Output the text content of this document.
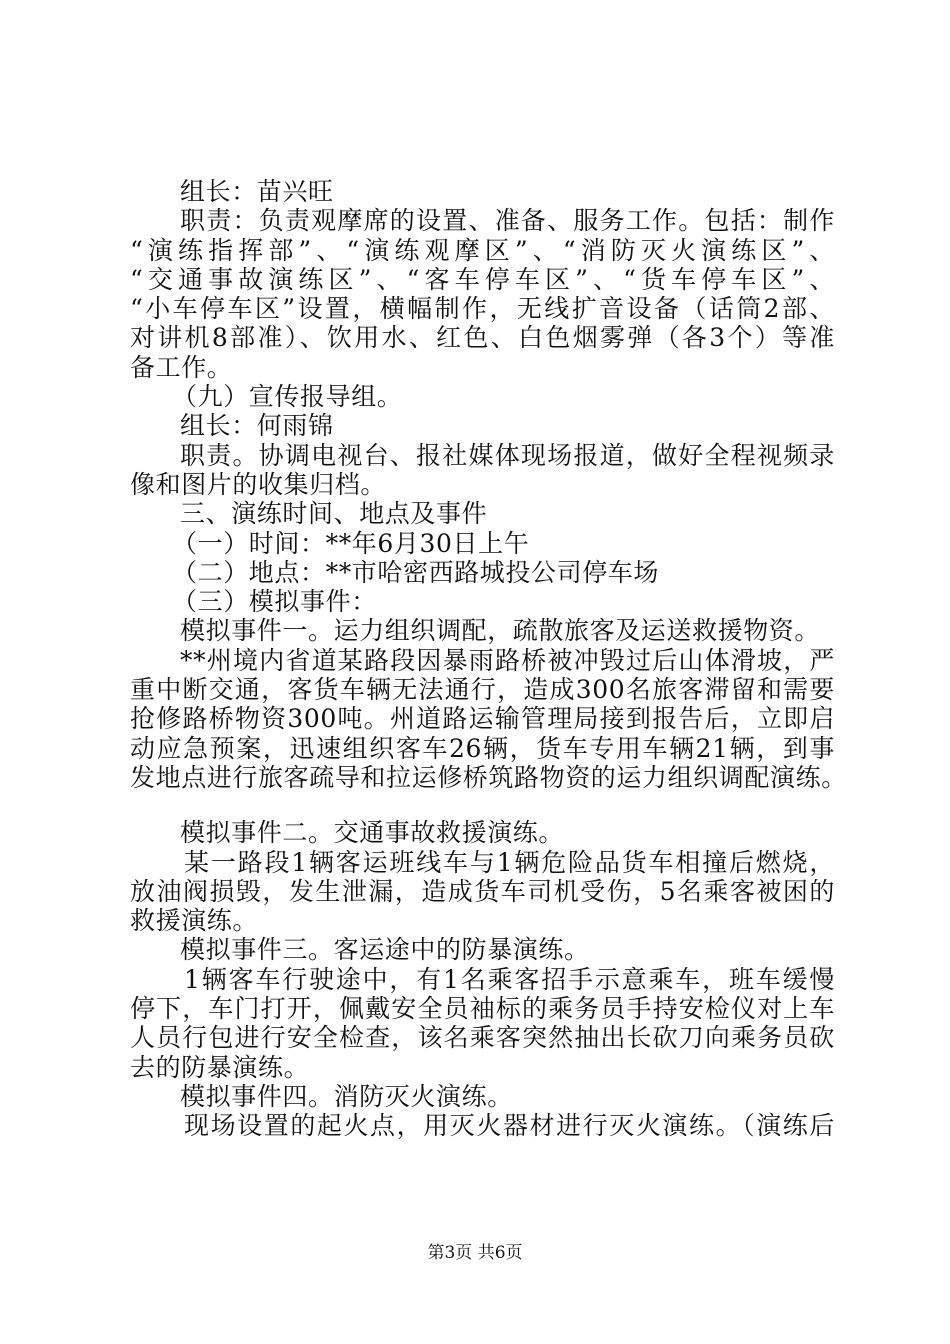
组长：苗兴旺
职责：负责观摩席的设置、准备、服务工作。包括：制作
“演练指挥部”、“演练观摩区”、“消防灭火演练区”、
“交通事故演练区”、“客车停车区”、“货车停车区”、
“小车停车区”设置，横幅制作，无线扩音设备（话筒2部、
对讲机8部准）、饮用水、红色、白色烟雾弹（各3个）等准
备工作。
（九）宣传报导组。
组长：何雨锦
职责。协调电视台、报社媒体现场报道，做好全程视频录
像和图片的收集归档。
三、演练时间、地点及事件
（一）时间：**年6月30日上午
（二）地点：**市哈密西路城投公司停车场
（三）模拟事件：
模拟事件一。运力组织调配，疏散旅客及运送救援物资。
**州境内省道某路段因暴雨路桥被冲毁过后山体滑坡，严
重中断交通，客货车辆无法通行，造成300名旅客滞留和需要
抢修路桥物资300吨。州道路运输管理局接到报告后，立即启
动应急预案，迅速组织客车26辆，货车专用车辆21辆，到事
发地点进行旅客疏导和拉运修桥筑路物资的运力组织调配演练。
模拟事件二。交通事故救援演练。
某一路段1辆客运班线车与1辆危险品货车相撞后燃烧，
放油阀损毁，发生泄漏，造成货车司机受伤，5名乘客被困的
救援演练。
模拟事件三。客运途中的防暴演练。
1辆客车行驶途中，有1名乘客招手示意乘车，班车缓慢
停下，车门打开，佩戴安全员袖标的乘务员手持安检仪对上车
人员行包进行安全检查，该名乘客突然抽出长砍刀向乘务员砍
去的防暴演练。
模拟事件四。消防灭火演练。
现场设置的起火点，用灭火器材进行灭火演练。（演练后
第3页 共6页
